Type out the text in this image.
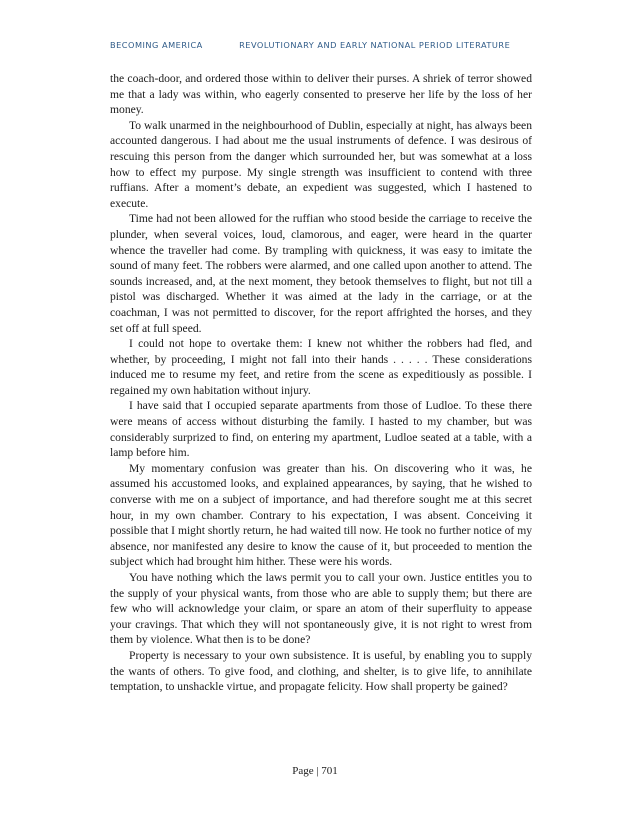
BECOMING AMERICA	REVOLUTIONARY AND EARLY NATIONAL PERIOD LITERATURE

the coach-door, and ordered those within to deliver their purses. A shriek of terror showed me that a lady was within, who eagerly consented to preserve her life by the loss of her money.

To walk unarmed in the neighbourhood of Dublin, especially at night, has always been accounted dangerous. I had about me the usual instruments of defence. I was desirous of rescuing this person from the danger which surrounded her, but was somewhat at a loss how to effect my purpose. My single strength was insufficient to contend with three ruffians. After a moment’s debate, an expedient was suggested, which I hastened to execute.

Time had not been allowed for the ruffian who stood beside the carriage to receive the plunder, when several voices, loud, clamorous, and eager, were heard in the quarter whence the traveller had come. By trampling with quickness, it was easy to imitate the sound of many feet. The robbers were alarmed, and one called upon another to attend. The sounds increased, and, at the next moment, they betook themselves to flight, but not till a pistol was discharged. Whether it was aimed at the lady in the carriage, or at the coachman, I was not permitted to discover, for the report affrighted the horses, and they set off at full speed.

I could not hope to overtake them: I knew not whither the robbers had fled, and whether, by proceeding, I might not fall into their hands . . . . . These considerations induced me to resume my feet, and retire from the scene as expeditiously as possible. I regained my own habitation without injury.

I have said that I occupied separate apartments from those of Ludloe. To these there were means of access without disturbing the family. I hasted to my chamber, but was considerably surprized to find, on entering my apartment, Ludloe seated at a table, with a lamp before him.

My momentary confusion was greater than his. On discovering who it was, he assumed his accustomed looks, and explained appearances, by saying, that he wished to converse with me on a subject of importance, and had therefore sought me at this secret hour, in my own chamber. Contrary to his expectation, I was absent. Conceiving it possible that I might shortly return, he had waited till now. He took no further notice of my absence, nor manifested any desire to know the cause of it, but proceeded to mention the subject which had brought him hither. These were his words.

You have nothing which the laws permit you to call your own. Justice entitles you to the supply of your physical wants, from those who are able to supply them; but there are few who will acknowledge your claim, or spare an atom of their superfluity to appease your cravings. That which they will not spontaneously give, it is not right to wrest from them by violence. What then is to be done?

Property is necessary to your own subsistence. It is useful, by enabling you to supply the wants of others. To give food, and clothing, and shelter, is to give life, to annihilate temptation, to unshackle virtue, and propagate felicity. How shall property be gained?

Page | 701
